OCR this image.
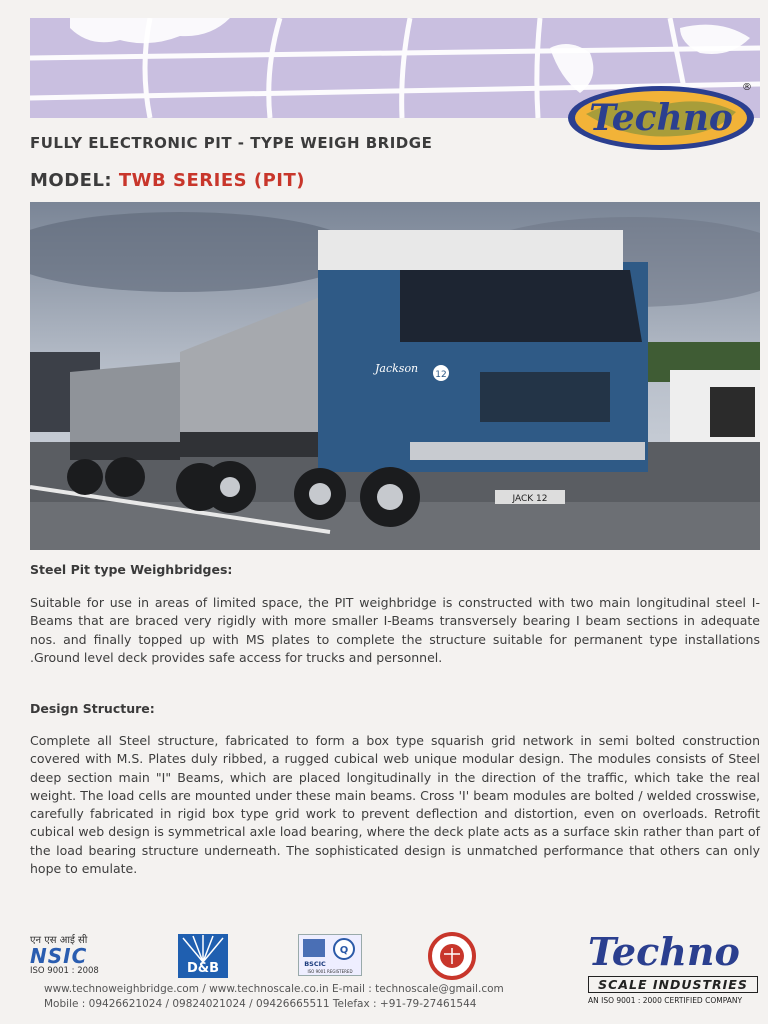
Techno
®
FULLY ELECTRONIC PIT - TYPE WEIGH BRIDGE
MODEL: TWB SERIES (PIT)
JACK 12
Jackson 12
Steel Pit type Weighbridges:
Suitable for use in areas of limited space, the PIT weighbridge is constructed with two main longitudinal steel I-Beams that are braced very rigidly with more smaller I-Beams transversely bearing I beam sections in adequate nos. and finally topped up with MS plates to complete the structure suitable for permanent type installations .Ground level deck provides safe access for trucks and personnel.
Design Structure:
Complete all Steel structure, fabricated to form a box type squarish grid network in semi bolted construction covered with M.S. Plates duly ribbed, a rugged cubical web unique modular design. The modules consists of Steel deep section main "I" Beams, which are placed longitudinally in the direction of the traffic, which take the real weight. The load cells are mounted under these main beams. Cross 'I' beam modules are bolted / welded crosswise, carefully fabricated in rigid box type grid work to prevent deflection and distortion, even on overloads. Retrofit cubical web design is symmetrical axle load bearing, where the deck plate acts as a surface skin rather than part of the load bearing structure underneath. The sophisticated design is unmatched performance that others can only hope to emulate.
एन एस आई सी
NSIC
ISO 9001 : 2008	D&B
Q
BSCIC
ISO 9001 REGISTERED
www.technoweighbridge.com / www.technoscale.co.in E-mail : technoscale@gmail.com
Mobile : 09426621024 / 09824021024 / 09426665511 Telefax : +91-79-27461544
Techno
SCALE INDUSTRIES
AN ISO 9001 : 2000 CERTIFIED COMPANY
